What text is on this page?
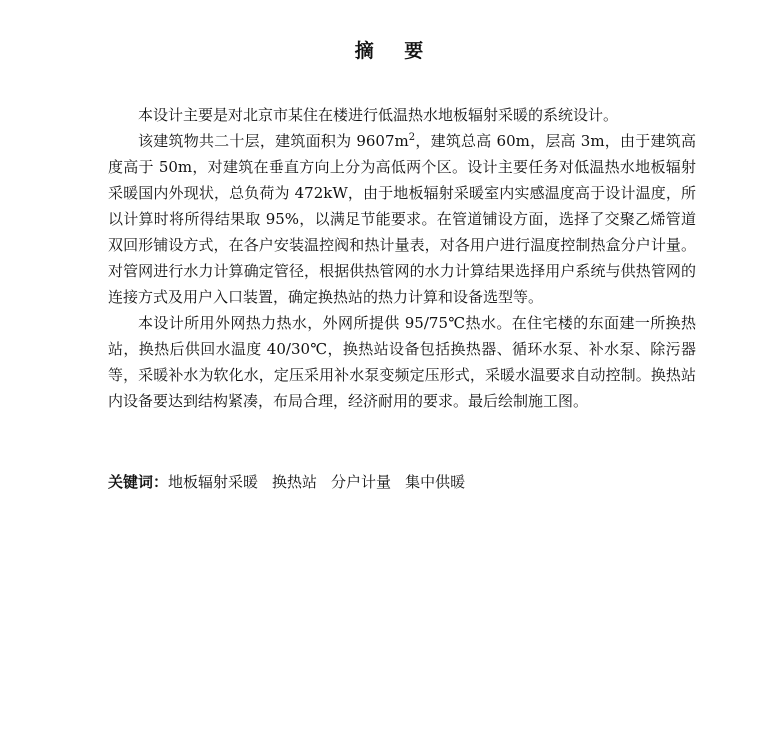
摘 要

本设计主要是对北京市某住在楼进行低温热水地板辐射采暖的系统设计。

该建筑物共二十层，建筑面积为 $9607m^2$，建筑总高 60m，层高 3m，由于建筑高度高于 50m，对建筑在垂直方向上分为高低两个区。设计主要任务对低温热水地板辐射采暖国内外现状，总负荷为 472kW，由于地板辐射采暖室内实感温度高于设计温度，所以计算时将所得结果取 95%，以满足节能要求。在管道铺设方面，选择了交聚乙烯管道双回形铺设方式，在各户安装温控阀和热计量表，对各用户进行温度控制热盒分户计量。对管网进行水力计算确定管径，根据供热管网的水力计算结果选择用户系统与供热管网的连接方式及用户入口装置，确定换热站的热力计算和设备选型等。

本设计所用外网热力热水，外网所提供 95/75℃热水。在住宅楼的东面建一所换热站，换热后供回水温度 40/30℃，换热站设备包括换热器、循环水泵、补水泵、除污器等，采暖补水为软化水，定压采用补水泵变频定压形式，采暖水温要求自动控制。换热站内设备要达到结构紧凑，布局合理，经济耐用的要求。最后绘制施工图。

关键词：地板辐射采暖 换热站 分户计量 集中供暖
